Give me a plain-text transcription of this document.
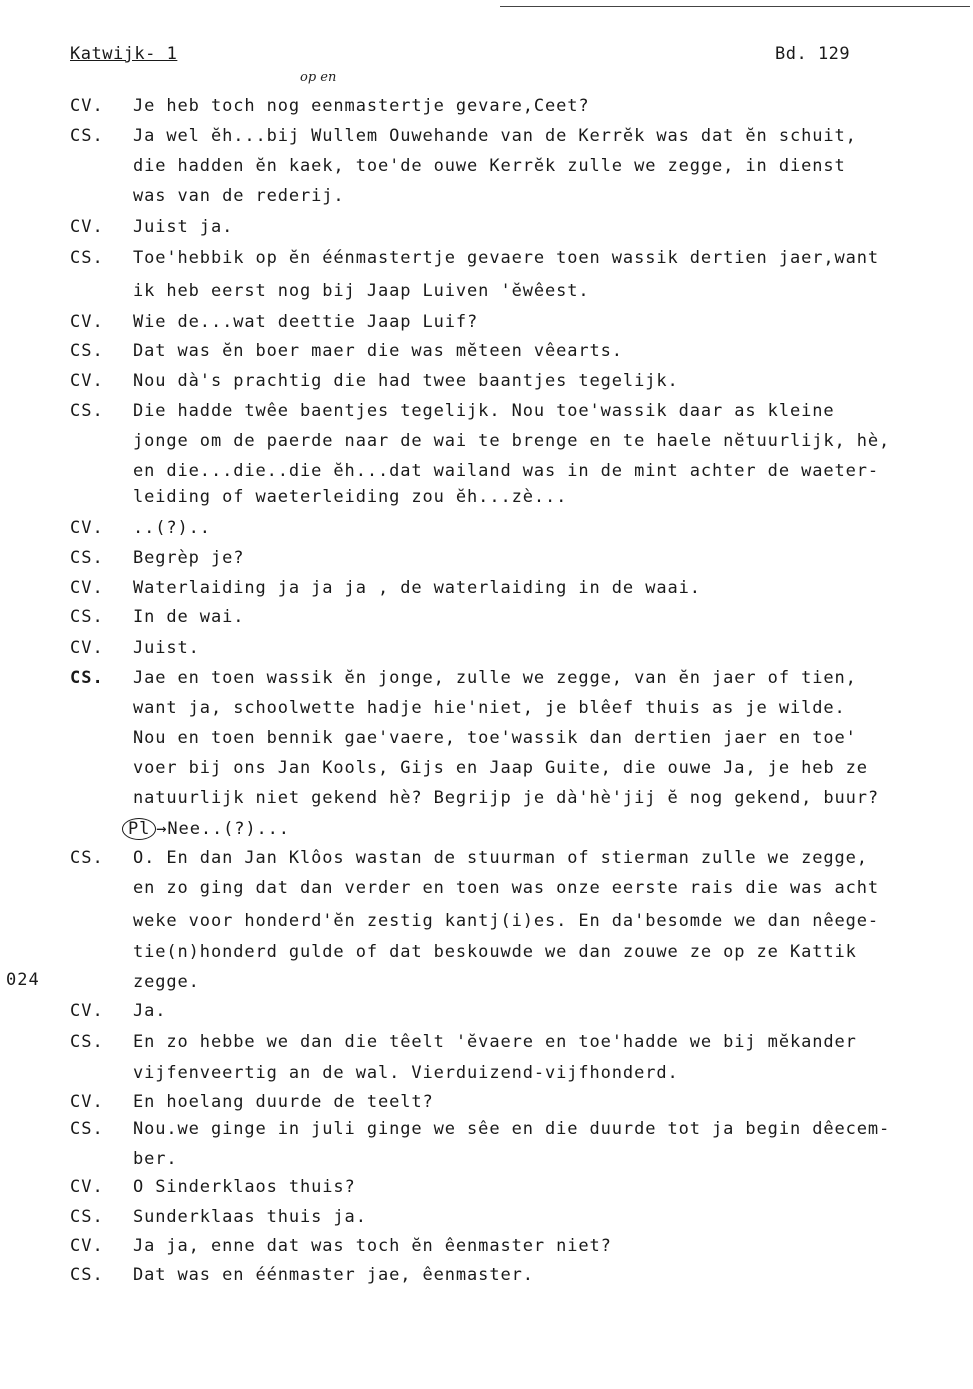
Katwijk- 1	Bd. 129
op en
024
CV. Je heb toch nog eenmastertje gevare,Ceet?
CS. Ja wel ĕh...bij Wullem Ouwehande van de Kerrĕk was dat ĕn schuit,
die hadden ĕn kaek, toe'de ouwe Kerrĕk zulle we zegge, in dienst
was van de rederij.
CV. Juist ja.
CS. Toe'hebbik op ĕn éénmastertje gevaere toen wassik dertien jaer,want
ik heb eerst nog bij Jaap Luiven 'ĕwêest.
CV. Wie de...wat deettie Jaap Luif?
CS. Dat was ĕn boer maer die was mĕteen vêearts.
CV. Nou dà's prachtig die had twee baantjes tegelijk.
CS. Die hadde twêe baentjes tegelijk. Nou toe'wassik daar as kleine
jonge om de paerde naar de wai te brenge en te haele nĕtuurlijk, hè,
en die...die..die ĕh...dat wailand was in de mint achter de waeter-
leiding of waeterleiding zou ĕh...zè...
CV. ..(?)..
CS. Begrèp je?
CV. Waterlaiding ja ja ja , de waterlaiding in de waai.
CS. In de wai.
CV. Juist.
CS. Jae en toen wassik ĕn jonge, zulle we zegge, van ĕn jaer of tien,
want ja, schoolwette hadje hie'niet, je blêef thuis as je wilde.
Nou en toen bennik gae'vaere, toe'wassik dan dertien jaer en toe'
voer bij ons Jan Kools, Gijs en Jaap Guite, die ouwe Ja, je heb ze
natuurlijk niet gekend hè? Begrijp je dà'hè'jij ĕ nog gekend, buur?
Pl →Nee..(?)...
CS. O. En dan Jan Klôos wastan de stuurman of stierman zulle we zegge,
en zo ging dat dan verder en toen was onze eerste rais die was acht
weke voor honderd'ĕn zestig kantj(i)es. En da'besomde we dan nêege-
tie(n)honderd gulde of dat beskouwde we dan zouwe ze op ze Kattik
zegge.
CV. Ja.
CS. En zo hebbe we dan die têelt 'ĕvaere en toe'hadde we bij mĕkander
vijfenveertig an de wal. Vierduizend-vijfhonderd.
CV. En hoelang duurde de teelt?
CS. Nou.we ginge in juli ginge we sêe en die duurde tot ja begin dêecem-
ber.
CV. O Sinderklaos thuis?
CS. Sunderklaas thuis ja.
CV. Ja ja, enne dat was toch ĕn êenmaster niet?
CS. Dat was en éénmaster jae, êenmaster.
